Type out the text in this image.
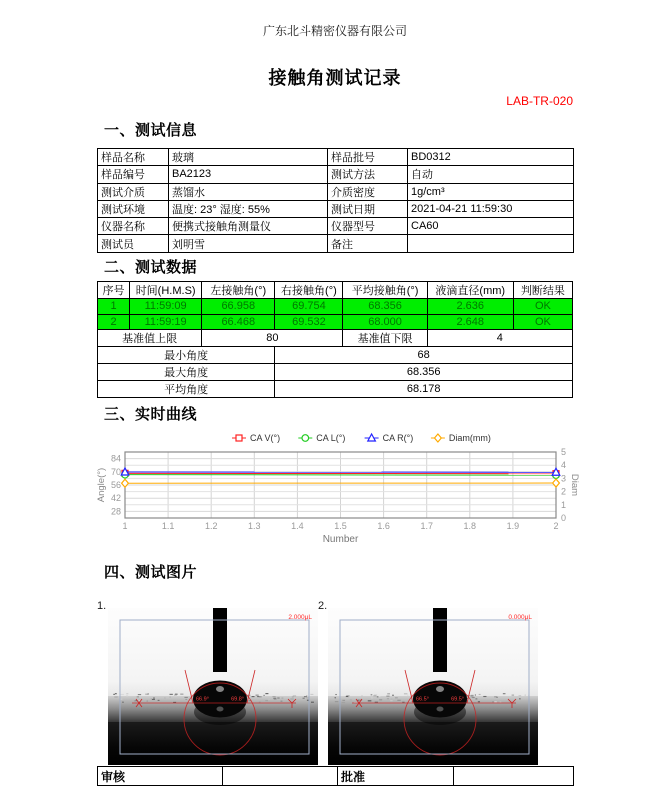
广东北斗精密仪器有限公司
接触角测试记录
LAB-TR-020
一、测试信息
样品名称	玻璃	样品批号	BD0312
样品编号	BA2123	测试方法	自动
测试介质	蒸馏水	介质密度	1g/cm³
测试环境	温度: 23° 湿度: 55%	测试日期	2021-04-21 11:59:30
仪器名称	便携式接触角测量仪	仪器型号	CA60
测试员	刘明雪	备注	
二、测试数据
序号	时间(H.M.S)	左接触角(°)	右接触角(°)	平均接触角(°)	液滴直径(mm)	判断结果
1	11:59:09	66.958	69.754	68.356	2.636	OK
2	11:59:19	66.468	69.532	68.000	2.648	OK
基准值上限		80		基准值下限	4	
最小角度			68			
最大角度			68.356			
平均角度			68.178			
三、实时曲线
1	1.1	1.2	1.3	1.4	1.5	1.6	1.7	1.8	1.9	2
28
42
56
70
84
0
1
2
3
4
5
CA V(°)	CA L(°)	CA R(°)	Diam(mm)
Angle(°)	Diam
Number
四、测试图片
1.
66.9°	69.8°
2.000μL
2.
66.5°	69.5°
0.000μL
审核		批准	
